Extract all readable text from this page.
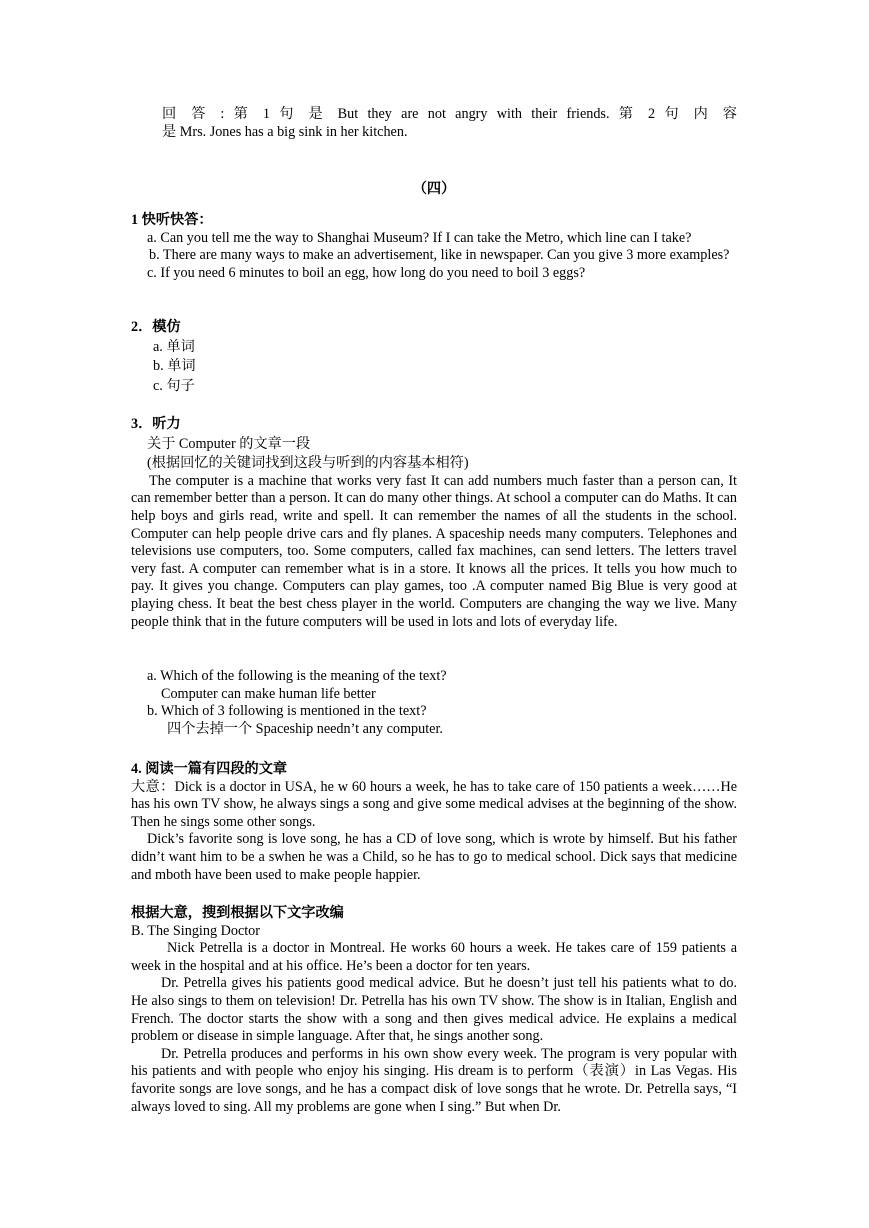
回 答 : 第 1 句 是 But they are not angry with their friends. 第 2 句 内 容

是 Mrs. Jones has a big sink in her kitchen.

（四）

1 快听快答：

a. Can you tell me the way to Shanghai Museum? If I can take the Metro, which line can I take?

b. There are many ways to make an advertisement, like in newspaper. Can you give 3 more examples?

c. If you need 6 minutes to boil an egg, how long do you need to boil 3 eggs?

2．模仿

a. 单词

b. 单词

c. 句子

3．听力

关于 Computer 的文章一段

(根据回忆的关键词找到这段与听到的内容基本相符)

The computer is a machine that works very fast It can add numbers much faster than a person can, It can remember better than a person. It can do many other things. At school a computer can do Maths. It can help boys and girls read, write and spell. It can remember the names of all the students in the school. Computer can help people drive cars and fly planes. A spaceship needs many computers. Telephones and televisions use computers, too. Some computers, called fax machines, can send letters. The letters travel very fast. A computer can remember what is in a store. It knows all the prices. It tells you how much to pay. It gives you change. Computers can play games, too .A computer named Big Blue is very good at playing chess. It beat the best chess player in the world. Computers are changing the way we live. Many people think that in the future computers will be used in lots and lots of everyday life.

a. Which of the following is the meaning of the text?

Computer can make human life better

b. Which of 3 following is mentioned in the text?

四个去掉一个 Spaceship needn’t any computer.

4. 阅读一篇有四段的文章

大意：Dick is a doctor in USA, he w 60 hours a week, he has to take care of 150 patients a week……He has his own TV show, he always sings a song and give some medical advises at the beginning of the show. Then he sings some other songs.

Dick’s favorite song is love song, he has a CD of love song, which is wrote by himself. But his father didn’t want him to be a swhen he was a Child, so he has to go to medical school. Dick says that medicine and mboth have been used to make people happier.

根据大意，搜到根据以下文字改编

B. The Singing Doctor

Nick Petrella is a doctor in Montreal. He works 60 hours a week. He takes care of 159 patients a week in the hospital and at his office. He’s been a doctor for ten years.

Dr. Petrella gives his patients good medical advice. But he doesn’t just tell his patients what to do. He also sings to them on television! Dr. Petrella has his own TV show. The show is in Italian, English and French. The doctor starts the show with a song and then gives medical advice. He explains a medical problem or disease in simple language. After that, he sings another song.

Dr. Petrella produces and performs in his own show every week. The program is very popular with his patients and with people who enjoy his singing. His dream is to perform（表演）in Las Vegas. His favorite songs are love songs, and he has a compact disk of love songs that he wrote. Dr. Petrella says, “I always loved to sing. All my problems are gone when I sing.” But when Dr.
